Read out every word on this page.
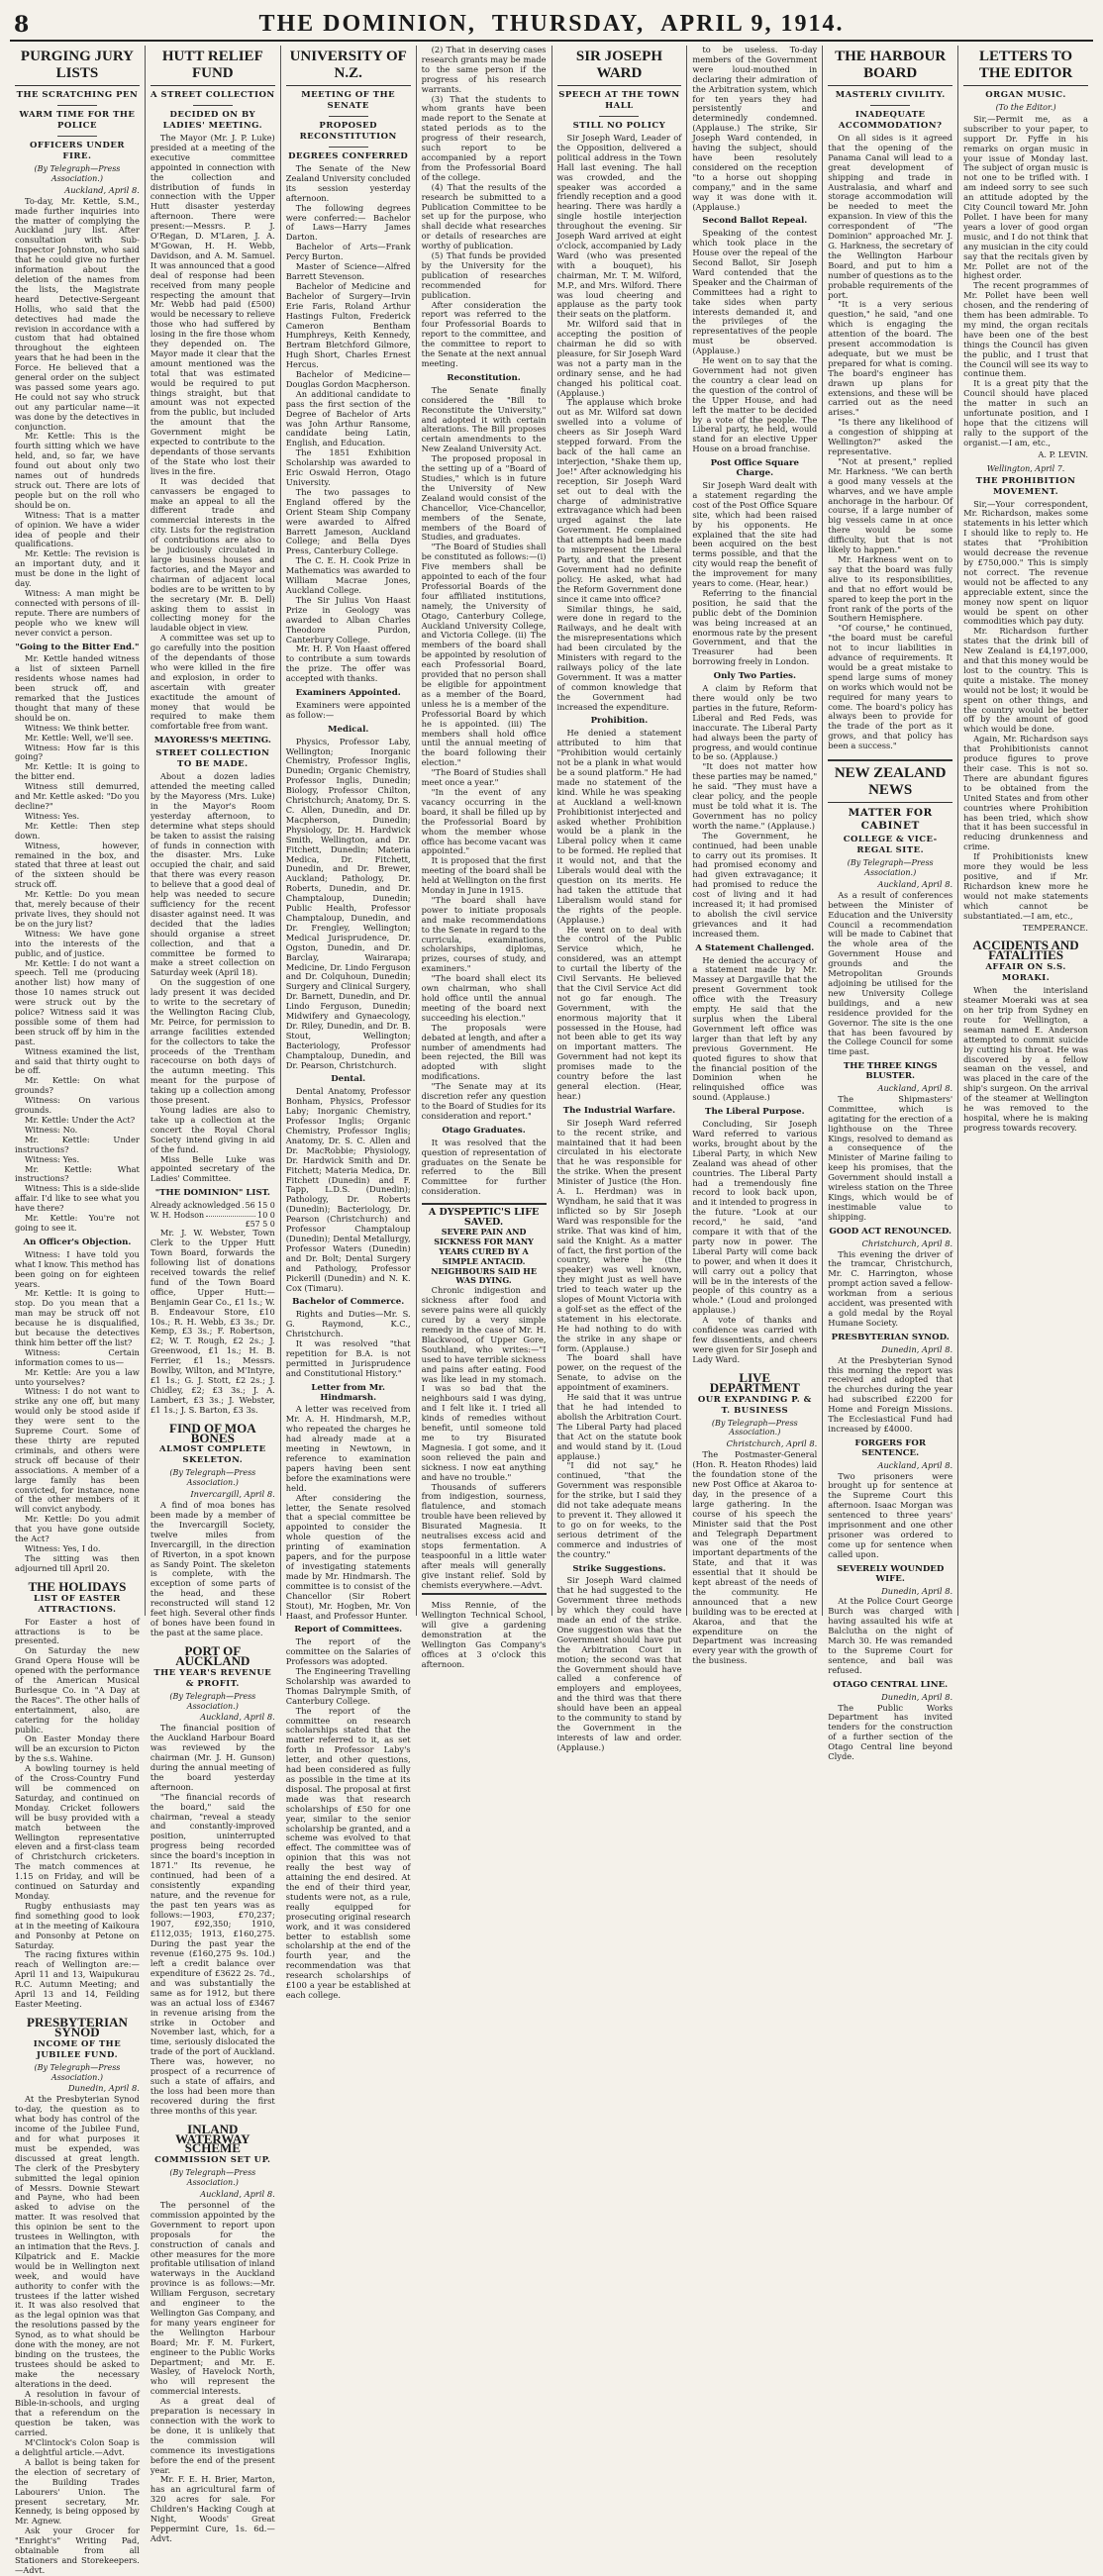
8	THE DOMINION, THURSDAY, APRIL 9, 1914.
PURGING JURY LISTS
THE SCRATCHING PEN
WARM TIME FOR THE POLICE
OFFICERS UNDER FIRE.
(By Telegraph—Press Association.)
Auckland, April 8.

To-day, Mr. Kettle, S.M., made further inquiries into the matter of complying the Auckland jury list. After consultation with Sub-Inspector Johnston, who said that he could give no further information about the deletion of the names from the lists, the Magistrate heard Detective-Sergeant Hollis, who said that the detectives had made the revision in accordance with a custom that had obtained throughout the eighteen years that he had been in the Force. He believed that a general order on the subject was passed some years ago. He could not say who struck out any particular name—it was done by the detectives in conjunction.

Mr. Kettle: This is the fourth sitting which we have held, and, so far, we have found out about only two names out of hundreds struck out. There are lots of people but on the roll who should be on.

Witness: That is a matter of opinion. We have a wider idea of people and their qualifications.

Mr. Kettle: The revision is an important duty, and it must be done in the light of day.

Witness: A man might be connected with persons of ill-repute. There are numbers of people who we knew will never convict a person.

"Going to the Bitter End."

Mr. Kettle handed witness a list of sixteen Parnell residents whose names had been struck off, and remarked that the Justices thought that many of these should be on.

Witness: We think better.

Mr. Kettle: Well, we'll see.

Witness: How far is this going?

Mr. Kettle: It is going to the bitter end.

Witness still demurred, and Mr. Kettle asked: "Do you decline?"

Witness: Yes.

Mr. Kettle: Then step down.

Witness, however, remained in the box, and stated that three at least out of the sixteen should be struck off.

Mr. Kettle: Do you mean that, merely because of their private lives, they should not be on the jury list?

Witness: We have gone into the interests of the public, and of justice.

Mr. Kettle: I do not want a speech. Tell me (producing another list) how many of those 10 names struck out were struck out by the police? Witness said it was possible some of them had been struck off by him in the past.

Witness examined the list, and said that thirty ought to be off.

Mr. Kettle: On what grounds?

Witness: On various grounds.

Mr. Kettle: Under the Act?

Witness: No.

Mr. Kettle: Under instructions?

Witness: Yes.

Mr. Kettle: What instructions?

Witness: This is a side-slide affair. I'd like to see what you have there?

Mr. Kettle: You're not going to see it.

An Officer's Objection.

Witness: I have told you what I know. This method has been going on for eighteen years.

Mr. Kettle: It is going to stop. Do you mean that a man may be struck off not because he is disqualified, but because the detectives think him better off the list?

Witness: Certain information comes to us—

Mr. Kettle: Are you a law unto yourselves?

Witness: I do not want to strike any one off, but many would only be stood aside if they were sent to the Supreme Court. Some of these thirty are reputed criminals, and others were struck off because of their associations. A member of a large family has been convicted, for instance, none of the other members of it will convict anybody.

Mr. Kettle: Do you admit that you have gone outside the Act?

Witness: Yes, I do.

The sitting was then adjourned till April 20.

THE HOLIDAYS
LIST OF EASTER ATTRACTIONS.

For Easter a host of attractions is to be presented.

On Saturday the new Grand Opera House will be opened with the performance of the American Musical Burlesque Co. in "A Day at the Races". The other halls of entertainment, also, are catering for the holiday public.

On Easter Monday there will be an excursion to Picton by the s.s. Wahine.

A bowling tourney is held of the Cross-Country Fund will be commenced on Saturday, and continued on Monday. Cricket followers will be busy provided with a match between the Wellington representative eleven and a first-class team of Christchurch cricketers. The match commences at 1.15 on Friday, and will be continued on Saturday and Monday.

Rugby enthusiasts may find something good to look at in the meeting of Kaikoura and Ponsonby at Petone on Saturday.

The racing fixtures within reach of Wellington are:—April 11 and 13, Waipukurau R.C. Autumn Meeting; and April 13 and 14, Feilding Easter Meeting.

PRESBYTERIAN SYNOD
INCOME OF THE JUBILEE FUND.
(By Telegraph—Press Association.)
Dunedin, April 8.

At the Presbyterian Synod to-day, the question as to what body has control of the income of the Jubilee Fund, and for what purposes it must be expended, was discussed at great length. The clerk of the Presbytery submitted the legal opinion of Messrs. Downie Stewart and Payne, who had been asked to advise on the matter. It was resolved that this opinion be sent to the trustees in Wellington, with an intimation that the Revs. J. Kilpatrick and E. Mackie would be in Wellington next week, and would have authority to confer with the trustees if the latter wished it. It was also resolved that as the legal opinion was that the resolutions passed by the Synod, as to what should be done with the money, are not binding on the trustees, the trustees should be asked to make the necessary alterations in the deed.

A resolution in favour of Bible-in-schools, and urging that a referendum on the question be taken, was carried.

M'Clintock's Colon Soap is a delightful article.—Advt.

A ballot is being taken for the election of secretary of the Building Trades Labourers' Union. The present secretary, Mr. Kennedy, is being opposed by Mr. Agnew.

Ask your Grocer for "Enright's" Writing Pad, obtainable from all Stationers and Storekeepers.—Advt.

HUTT RELIEF FUND
A STREET COLLECTION
DECIDED ON BY LADIES' MEETING.

The Mayor (Mr. J. P. Luke) presided at a meeting of the executive committee appointed in connection with the collection and distribution of funds in connection with the Upper Hutt disaster yesterday afternoon. There were present:—Messrs. P. J. O'Regan, D. M'Laren, J. A. M'Gowan, H. H. Webb, Davidson, and A. M. Samuel. It was announced that a good deal of response had been received from many people respecting the amount that Mr. Webb had paid (£500) would be necessary to relieve those who had suffered by losing in the fire those whom they depended on. The Mayor made it clear that the amount mentioned was the total that was estimated would be required to put things straight, but that amount was not expected from the public, but included the amount that the Government might be expected to contribute to the dependants of those servants of the State who lost their lives in the fire.

It was decided that canvassers be engaged to make an appeal to all the different trade and commercial interests in the city. Lists for the registration of contributions are also to be judiciously circulated in large business houses and factories, and the Mayor and chairman of adjacent local bodies are to be written to by the secretary (Mr. B. Dell) asking them to assist in collecting money for the laudable object in view.

A committee was set up to go carefully into the position of the dependants of those who were killed in the fire and explosion, in order to ascertain with greater exactitude the amount of money that would be required to make them comfortable free from want.

MAYORESS'S MEETING.
STREET COLLECTION TO BE MADE.

About a dozen ladies attended the meeting called by the Mayoress (Mrs. Luke) in the Mayor's Room yesterday afternoon, to determine what steps should be taken to assist the raising of funds in connection with the disaster. Mrs. Luke occupied the chair, and said that there was every reason to believe that a good deal of help was needed to secure sufficiency for the recent disaster against need. It was decided that the ladies should organise a street collection, and that a committee be formed to make a street collection on Saturday week (April 18).

On the suggestion of one lady present it was decided to write to the secretary of the Wellington Racing Club, Mr. Peirce, for permission to arrange facilities extended for the collectors to take the proceeds of the Trentham racecourse on both days of the autumn meeting. This meant for the purpose of taking up a collection among those present.

Young ladies are also to take up a collection at the concert the Royal Choral Society intend giving in aid of the fund.

Miss Belle Luke was appointed secretary of the Ladies' Committee.

"THE DOMINION" LIST.
Already acknowledged 56 15 0
W. H. Hodson	10 0
£57 5 0

Mr. J. W. Webster, Town Clerk to the Upper Hutt Town Board, forwards the following list of donations received towards the relief fund of the Town Board office, Upper Hutt:—Benjamin Gear Co., £1 1s.; W. B. Endeavour Store, £10 10s.; R. H. Webb, £3 3s.; Dr. Kemp, £3 3s.; F. Robertson, £2; W. T. Rough, £2 2s.; J. Greenwood, £1 1s.; H. B. Ferrier, £1 1s.; Messrs. Bowlby, Wilton, and M'Intyre, £1 1s.; G. J. Stott, £2 2s.; J. Chidley, £2; £3 3s.; J. A. Lambert, £3 3s.; J. Webster, £1 1s.; J. S. Barton, £3 3s.

FIND OF MOA BONES
ALMOST COMPLETE SKELETON.
(By Telegraph—Press Association.)
Invercargill, April 8.

A find of moa bones has been made by a member of the Invercargill Society, twelve miles from Invercargill, in the direction of Riverton, in a spot known as Sandy Point. The skeleton is complete, with the exception of some parts of the head, and these reconstructed will stand 12 feet high. Several other finds of bones have been found in the past at the same place.

PORT OF AUCKLAND
THE YEAR'S REVENUE & PROFIT.
(By Telegraph—Press Association.)
Auckland, April 8.

The financial position of the Auckland Harbour Board was reviewed by the chairman (Mr. J. H. Gunson) during the annual meeting of the board yesterday afternoon.

"The financial records of the board," said the chairman, "reveal a steady and constantly-improved position, uninterrupted progress being recorded since the board's inception in 1871." Its revenue, he continued, had been of a consistently expanding nature, and the revenue for the past ten years was as follows:—1903, £70,237; 1907, £92,350; 1910, £112,035; 1913, £160,275. During the past year the revenue (£160,275 9s. 10d.) left a credit balance over expenditure of £3622 2s. 7d., and was substantially the same as for 1912, but there was an actual loss of £3467 in revenue arising from the strike in October and November last, which, for a time, seriously dislocated the trade of the port of Auckland. There was, however, no prospect of a recurrence of such a state of affairs, and the loss had been more than recovered during the first three months of this year.

INLAND WATERWAY SCHEME
COMMISSION SET UP.
(By Telegraph—Press Association.)
Auckland, April 8.

The personnel of the commission appointed by the Government to report upon proposals for the construction of canals and other measures for the more profitable utilisation of inland waterways in the Auckland province is as follows:—Mr. William Ferguson, secretary and engineer to the Wellington Gas Company, and for many years engineer for the Wellington Harbour Board; Mr. F. M. Furkert, engineer to the Public Works Department; and Mr. E. Wasley, of Havelock North, who will represent the commercial interests.

As a great deal of preparation is necessary in connection with the work to be done, it is unlikely that the commission will commence its investigations before the end of the present year.

Mr. F. E. H. Brier, Marton, has an agricultural farm of 320 acres for sale. For Children's Hacking Cough at Night, Woods' Great Peppermint Cure, 1s. 6d.—Advt.

UNIVERSITY OF N.Z.
MEETING OF THE SENATE
PROPOSED RECONSTITUTION
DEGREES CONFERRED

The Senate of the New Zealand University concluded its session yesterday afternoon.

The following degrees were conferred:— Bachelor of Laws—Harry James Darton.

Bachelor of Arts—Frank Percy Burton.

Master of Science—Alfred Barrett Stevenson.

Bachelor of Medicine and Bachelor of Surgery—Irvin Erie Faris, Roland Arthur Hastings Fulton, Frederick Cameron Bentham Humphreys, Keith Kennedy, Bertram Bletchford Gilmore, Hugh Short, Charles Ernest Hercus.

Bachelor of Medicine—Douglas Gordon Macpherson.

An additional candidate to pass the first section of the Degree of Bachelor of Arts was John Arthur Ransome, candidate being Latin, English, and Education.

The 1851 Exhibition Scholarship was awarded to Eric Oswald Herron, Otago University.

The two passages to England offered by the Orient Steam Ship Company were awarded to Alfred Barrett Jameson, Auckland College; and Bella Dyes Press, Canterbury College.

The C. E. H. Cook Prize in Mathematics was awarded to William Macrae Jones, Auckland College.

The Sir Julius Von Haast Prize in Geology was awarded to Alban Charles Theodore Purdon, Canterbury College.

Mr. H. P. Von Haast offered to contribute a sum towards the prize. The offer was accepted with thanks.

Examiners Appointed.

Examiners were appointed as follow:—

Medical.

Physics, Professor Laby, Wellington; Inorganic Chemistry, Professor Inglis, Dunedin; Organic Chemistry, Professor Inglis, Dunedin; Biology, Professor Chilton, Christchurch; Anatomy, Dr. S. C. Allen, Dunedin, and Dr. Macpherson, Dunedin; Physiology, Dr. H. Hardwick Smith, Wellington, and Dr. Fitchett, Dunedin; Materia Medica, Dr. Fitchett, Dunedin, and Dr. Brewer, Auckland; Pathology, Dr. Roberts, Dunedin, and Dr. Champtaloup, Dunedin; Public Health, Professor Champtaloup, Dunedin, and Dr. Frengley, Wellington; Medical Jurisprudence, Dr. Ogston, Dunedin, and Dr. Barclay, Wairarapa; Medicine, Dr. Lindo Ferguson and Dr. Colquhoun, Dunedin; Surgery and Clinical Surgery, Dr. Barnett, Dunedin, and Dr. Lindo Ferguson, Dunedin; Midwifery and Gynaecology, Dr. Riley, Dunedin, and Dr. B. Stout, Wellington; Bacteriology, Professor Champtaloup, Dunedin, and Dr. Pearson, Christchurch.

Dental.

Dental Anatomy, Professor Bonham, Physics, Professor Laby; Inorganic Chemistry, Professor Inglis; Organic Chemistry, Professor Inglis; Anatomy, Dr. S. C. Allen and Dr. MacRobbie; Physiology, Dr. Hardwick Smith and Dr. Fitchett; Materia Medica, Dr. Fitchett (Dunedin) and F. Tapp, L.D.S. (Dunedin); Pathology, Dr. Roberts (Dunedin); Bacteriology, Dr. Pearson (Christchurch) and Professor Champtaloup (Dunedin); Dental Metallurgy, Professor Waters (Dunedin) and Dr. Bolt; Dental Surgery and Pathology, Professor Pickerill (Dunedin) and N. K. Cox (Timaru).

Bachelor of Commerce.

Rights and Duties—Mr. S. G. Raymond, K.C., Christchurch.

It was resolved "that repetition for B.A. is not permitted in Jurisprudence and Constitutional History."

Letter from Mr. Hindmarsh.

A letter was received from Mr. A. H. Hindmarsh, M.P., who repeated the charges he had already made at a meeting in Newtown, in reference to examination papers having been sent before the examinations were held.

After considering the letter, the Senate resolved that a special committee be appointed to consider the whole question of the printing of examination papers, and for the purpose of investigating statements made by Mr. Hindmarsh. The committee is to consist of the Chancellor (Sir Robert Stout), Mr. Hogben, Mr. Von Haast, and Professor Hunter.

Report of Committees.

The report of the committee on the Salaries of Professors was adopted.

The Engineering Travelling Scholarship was awarded to Thomas Dalrymple Smith, of Canterbury College.

The report of the committee on research scholarships stated that the matter referred to it, as set forth in Professor Laby's letter, and other questions, had been considered as fully as possible in the time at its disposal. The proposal at first made was that research scholarships of £50 for one year, similar to the senior scholarship be granted, and a scheme was evolved to that effect. The committee was of opinion that this was not really the best way of attaining the end desired. At the end of their third year, students were not, as a rule, really equipped for prosecuting original research work, and it was considered better to establish some scholarship at the end of the fourth year, and the recommendation was that research scholarships of £100 a year be established at each college.

(2) That in deserving cases research grants may be made to the same person if the progress of his research warrants.

(3) That the students to whom grants have been made report to the Senate at stated periods as to the progress of their research, such report to be accompanied by a report from the Professorial Board of the college.

(4) That the results of the research be submitted to a Publication Committee to be set up for the purpose, who shall decide what researches or details of researches are worthy of publication.

(5) That funds be provided by the University for the publication of researches recommended for publication.

After consideration the report was referred to the four Professorial Boards to report to the committee, and the committee to report to the Senate at the next annual meeting.

Reconstitution.

The Senate finally considered the "Bill to Reconstitute the University," and adopted it with certain alterations. The Bill proposes certain amendments to the New Zealand University Act.

The proposed proposal in the setting up of a "Board of Studies," which is in future the University of New Zealand would consist of the Chancellor, Vice-Chancellor, members of the Senate, members of the Board of Studies, and graduates.

"The Board of Studies shall be constituted as follows:—(i) Five members shall be appointed to each of the four Professorial Boards of the four affiliated institutions, namely, the University of Otago, Canterbury College, Auckland University College, and Victoria College. (ii) The members of the board shall be appointed by resolution of each Professorial Board, provided that no person shall be eligible for appointment as a member of the Board, unless he is a member of the Professorial Board by which he is appointed. (iii) The members shall hold office until the annual meeting of the board following their election."

"The Board of Studies shall meet once a year."

"In the event of any vacancy occurring in the board, it shall be filled up by the Professorial Board by whom the member whose office has become vacant was appointed."

It is proposed that the first meeting of the board shall be held at Wellington on the first Monday in June in 1915.

"The board shall have power to initiate proposals and make recommendations to the Senate in regard to the curricula, examinations, scholarships, diplomas, prizes, courses of study, and examiners."

"The board shall elect its own chairman, who shall hold office until the annual meeting of the board next succeeding his election."

The proposals were debated at length, and after a number of amendments had been rejected, the Bill was adopted with slight modifications.

"The Senate may at its discretion refer any question to the Board of Studies for its consideration and report."

Otago Graduates.

It was resolved that the question of representation of graduates on the Senate be referred to the Bill Committee for further consideration.

A DYSPEPTIC'S LIFE SAVED.
SEVERE PAIN AND SICKNESS FOR MANY YEARS CURED BY A SIMPLE ANTACID.
NEIGHBOURS SAID HE WAS DYING.

Chronic indigestion and sickness after food and severe pains were all quickly cured by a very simple remedy in the case of Mr. H. Blackwood, of Upper Gore, Southland, who writes:—"I used to have terrible sickness and pains after eating. Food was like lead in my stomach. I was so bad that the neighbours said I was dying, and I felt like it. I tried all kinds of remedies without benefit, until someone told me to try Bisurated Magnesia. I got some, and it soon relieved the pain and sickness. I now eat anything and have no trouble."

Thousands of sufferers from indigestion, sourness, flatulence, and stomach trouble have been relieved by Bisurated Magnesia. It neutralises excess acid and stops fermentation. A teaspoonful in a little water after meals will generally give instant relief. Sold by chemists everywhere.—Advt.

Miss Rennie, of the Wellington Technical School, will give a gardening demonstration at the Wellington Gas Company's offices at 3 o'clock this afternoon.

SIR JOSEPH WARD
SPEECH AT THE TOWN HALL
STILL NO POLICY

Sir Joseph Ward, Leader of the Opposition, delivered a political address in the Town Hall last evening. The hall was crowded, and the speaker was accorded a friendly reception and a good hearing. There was hardly a single hostile interjection throughout the evening. Sir Joseph Ward arrived at eight o'clock, accompanied by Lady Ward (who was presented with a bouquet), his chairman, Mr. T. M. Wilford, M.P., and Mrs. Wilford. There was loud cheering and applause as the party took their seats on the platform.

Mr. Wilford said that in accepting the position of chairman he did so with pleasure, for Sir Joseph Ward was not a party man in the ordinary sense, and he had changed his political coat. (Applause.)

The applause which broke out as Mr. Wilford sat down swelled into a volume of cheers as Sir Joseph Ward stepped forward. From the back of the hall came an interjection, "Shake them up, Joe!" After acknowledging his reception, Sir Joseph Ward set out to deal with the charge of administrative extravagance which had been urged against the late Government. He complained that attempts had been made to misrepresent the Liberal Party, and that the present Government had no definite policy. He asked, what had the Reform Government done since it came into office?

Similar things, he said, were done in regard to the Railways, and he dealt with the misrepresentations which had been circulated by the Ministers with regard to the railways policy of the late Government. It was a matter of common knowledge that the Government had increased the expenditure.

Prohibition.

He denied a statement attributed to him that "Prohibition would certainly not be a plank in what would be a sound platform." He had made no statement of the kind. While he was speaking at Auckland a well-known Prohibitionist interjected and asked whether Prohibition would be a plank in the Liberal policy when it came to be formed. He replied that it would not, and that the Liberals would deal with the question on its merits. He had taken the attitude that Liberalism would stand for the rights of the people. (Applause.)

He went on to deal with the control of the Public Service which, he considered, was an attempt to curtail the liberty of the Civil Servants. He believed that the Civil Service Act did not go far enough. The Government, with the enormous majority that it possessed in the House, had not been able to get its way on important matters. The Government had not kept its promises made to the country before the last general election. (Hear, hear.)

The Industrial Warfare.

Sir Joseph Ward referred to the recent strike, and maintained that it had been circulated in his electorate that he was responsible for the strike. When the present Minister of Justice (the Hon. A. L. Herdman) was in Wyndham, he said that it was inflicted so by Sir Joseph Ward was responsible for the strike. That was kind of him, said the Knight. As a matter of fact, the first portion of the country, where he (the speaker) was well known, they might just as well have tried to teach water up the slopes of Mount Victoria with a golf-set as the effect of the statement in his electorate. He had nothing to do with the strike in any shape or form. (Applause.)

The board shall have power, on the request of the Senate, to advise on the appointment of examiners.

He said that it was untrue that he had intended to abolish the Arbitration Court. The Liberal Party had placed that Act on the statute book and would stand by it. (Loud applause.)

"I did not say," he continued, "that the Government was responsible for the strike, but I said they did not take adequate means to prevent it. They allowed it to go on for weeks, to the serious detriment of the commerce and industries of the country."

Strike Suggestions.

Sir Joseph Ward claimed that he had suggested to the Government three methods by which they could have made an end of the strike. One suggestion was that the Government should have put the Arbitration Court in motion; the second was that the Government should have called a conference of employers and employees, and the third was that there should have been an appeal to the community to stand by the Government in the interests of law and order. (Applause.)

to be useless. To-day members of the Government were loud-mouthed in declaring their admiration of the Arbitration system, which for ten years they had persistently and determinedly condemned. (Applause.) The strike, Sir Joseph Ward contended, in having the subject, should have been resolutely considered on the reception "to a horse out shopping company," and in the same way it was done with it. (Applause.)

Second Ballot Repeal.

Speaking of the contest which took place in the House over the repeal of the Second Ballot, Sir Joseph Ward contended that the Speaker and the Chairman of Committees had a right to take sides when party interests demanded it, and the privileges of the representatives of the people must be observed. (Applause.)

He went on to say that the Government had not given the country a clear lead on the question of the control of the Upper House, and had left the matter to be decided by a vote of the people. The Liberal party, he held, would stand for an elective Upper House on a broad franchise.

Post Office Square Charge.

Sir Joseph Ward dealt with a statement regarding the cost of the Post Office Square site, which had been raised by his opponents. He explained that the site had been acquired on the best terms possible, and that the city would reap the benefit of the improvement for many years to come. (Hear, hear.)

Referring to the financial position, he said that the public debt of the Dominion was being increased at an enormous rate by the present Government, and that the Treasurer had been borrowing freely in London.

Only Two Parties.

A claim by Reform that there would only be two parties in the future, Reform-Liberal and Red Feds, was inaccurate. The Liberal Party had always been the party of progress, and would continue to be so. (Applause.)

"It does not matter how these parties may be named," he said. "They must have a clear policy, and the people must be told what it is. The Government has no policy worth the name." (Applause.)

The Government, he continued, had been unable to carry out its promises. It had promised economy and had given extravagance; it had promised to reduce the cost of living and it had increased it; it had promised to abolish the civil service grievances and it had increased them.

A Statement Challenged.

He denied the accuracy of a statement made by Mr. Massey at Dargaville that the present Government took office with the Treasury empty. He said that the surplus when the Liberal Government left office was larger than that left by any previous Government. He quoted figures to show that the financial position of the Dominion when he relinquished office was sound. (Applause.)

The Liberal Purpose.

Concluding, Sir Joseph Ward referred to various works, brought about by the Liberal Party, in which New Zealand was ahead of other countries. The Liberal Party had a tremendously fine record to look back upon, and it intended to progress in the future. "Look at our record," he said, "and compare it with that of the party now in power. The Liberal Party will come back to power, and when it does it will carry out a policy that will be in the interests of the people of this country as a whole." (Loud and prolonged applause.)

A vote of thanks and confidence was carried with few dissentients, and cheers were given for Sir Joseph and Lady Ward.

LIVE DEPARTMENT
OUR EXPANDING P. & T. BUSINESS
(By Telegraph—Press Association.)
Christchurch, April 8.

The Postmaster-General (Hon. R. Heaton Rhodes) laid the foundation stone of the new Post Office at Akaroa to-day, in the presence of a large gathering. In the course of his speech the Minister said that the Post and Telegraph Department was one of the most important departments of the State, and that it was essential that it should be kept abreast of the needs of the community. He announced that a new building was to be erected at Akaroa, and that the expenditure on the Department was increasing every year with the growth of the business.

THE HARBOUR BOARD
MASTERLY CIVILITY.
INADEQUATE ACCOMMODATION?

On all sides is it agreed that the opening of the Panama Canal will lead to a great development of shipping and trade in Australasia, and wharf and storage accommodation will be needed to meet the expansion. In view of this the correspondent of "The Dominion" approached Mr. J. G. Harkness, the secretary of the Wellington Harbour Board, and put to him a number of questions as to the probable requirements of the port.

"It is a very serious question," he said, "and one which is engaging the attention of the board. The present accommodation is adequate, but we must be prepared for what is coming. The board's engineer has drawn up plans for extensions, and these will be carried out as the need arises."

"Is there any likelihood of a congestion of shipping at Wellington?" asked the representative.

"Not at present," replied Mr. Harkness. "We can berth a good many vessels at the wharves, and we have ample anchorage in the harbour. Of course, if a large number of big vessels came in at once there would be some difficulty, but that is not likely to happen."

Mr. Harkness went on to say that the board was fully alive to its responsibilities, and that no effort would be spared to keep the port in the front rank of the ports of the Southern Hemisphere.

"Of course," he continued, "the board must be careful not to incur liabilities in advance of requirements. It would be a great mistake to spend large sums of money on works which would not be required for many years to come. The board's policy has always been to provide for the trade of the port as it grows, and that policy has been a success."

NEW ZEALAND NEWS
MATTER FOR CABINET
COLLEGE & VICE-REGAL SITE.
(By Telegraph—Press Association.)
Auckland, April 8.

As a result of conferences between the Minister of Education and the University Council a recommendation will be made to Cabinet that the whole area of the Government House and grounds and the Metropolitan Grounds adjoining be utilised for the new University College buildings, and a new residence provided for the Governor. The site is the one that has been favoured by the College Council for some time past.

THE THREE KINGS BLUSTER.
Auckland, April 8.

The Shipmasters' Committee, which is agitating for the erection of a lighthouse on the Three Kings, resolved to demand as a consequence of the Minister of Marine failing to keep his promises, that the Government should install a wireless station on the Three Kings, which would be of inestimable value to shipping.

GOOD ACT RENOUNCED.
Christchurch, April 8.

This evening the driver of the tramcar, Christchurch, Mr. C. Harrington, whose prompt action saved a fellow-workman from a serious accident, was presented with a gold medal by the Royal Humane Society.

PRESBYTERIAN SYNOD.
Dunedin, April 8.

At the Presbyterian Synod this morning the report was received and adopted that the churches during the year had subscribed £2200 for Home and Foreign Missions. The Ecclesiastical Fund had increased by £4000.

FORGERS FOR SENTENCE.
Auckland, April 8.

Two prisoners were brought up for sentence at the Supreme Court this afternoon. Isaac Morgan was sentenced to three years' imprisonment and one other prisoner was ordered to come up for sentence when called upon.

SEVERELY WOUNDED WIFE.
Dunedin, April 8.

At the Police Court George Burch was charged with having assaulted his wife at Balclutha on the night of March 30. He was remanded to the Supreme Court for sentence, and bail was refused.

OTAGO CENTRAL LINE.
Dunedin, April 8.

The Public Works Department has invited tenders for the construction of a further section of the Otago Central line beyond Clyde.

LETTERS TO THE EDITOR
ORGAN MUSIC.
(To the Editor.)

Sir,—Permit me, as a subscriber to your paper, to support Dr. Fyffe in his remarks on organ music in your issue of Monday last. The subject of organ music is not one to be trifled with. I am indeed sorry to see such an attitude adopted by the City Council toward Mr. John Pollet. I have been for many years a lover of good organ music, and I do not think that any musician in the city could say that the recitals given by Mr. Pollet are not of the highest order.

The recent programmes of Mr. Pollet have been well chosen, and the rendering of them has been admirable. To my mind, the organ recitals have been one of the best things the Council has given the public, and I trust that the Council will see its way to continue them.

It is a great pity that the Council should have placed the matter in such an unfortunate position, and I hope that the citizens will rally to the support of the organist.—I am, etc.,

A. P. LEVIN.
Wellington, April 7.
THE PROHIBITION MOVEMENT.

Sir,—Your correspondent, Mr. Richardson, makes some statements in his letter which I should like to reply to. He states that "Prohibition would decrease the revenue by £750,000." This is simply not correct. The revenue would not be affected to any appreciable extent, since the money now spent on liquor would be spent on other commodities which pay duty.

Mr. Richardson further states that the drink bill of New Zealand is £4,197,000, and that this money would be lost to the country. This is quite a mistake. The money would not be lost; it would be spent on other things, and the country would be better off by the amount of good which would be done.

Again, Mr. Richardson says that Prohibitionists cannot produce figures to prove their case. This is not so. There are abundant figures to be obtained from the United States and from other countries where Prohibition has been tried, which show that it has been successful in reducing drunkenness and crime.

If Prohibitionists knew more they would be less positive, and if Mr. Richardson knew more he would not make statements which cannot be substantiated.—I am, etc.,

TEMPERANCE.
ACCIDENTS AND FATALITIES
AFFAIR ON S.S. MORAKI.

When the interisland steamer Moeraki was at sea on her trip from Sydney en route for Wellington, a seaman named E. Anderson attempted to commit suicide by cutting his throat. He was discovered by a fellow seaman on the vessel, and was placed in the care of the ship's surgeon. On the arrival of the steamer at Wellington he was removed to the hospital, where he is making progress towards recovery.
